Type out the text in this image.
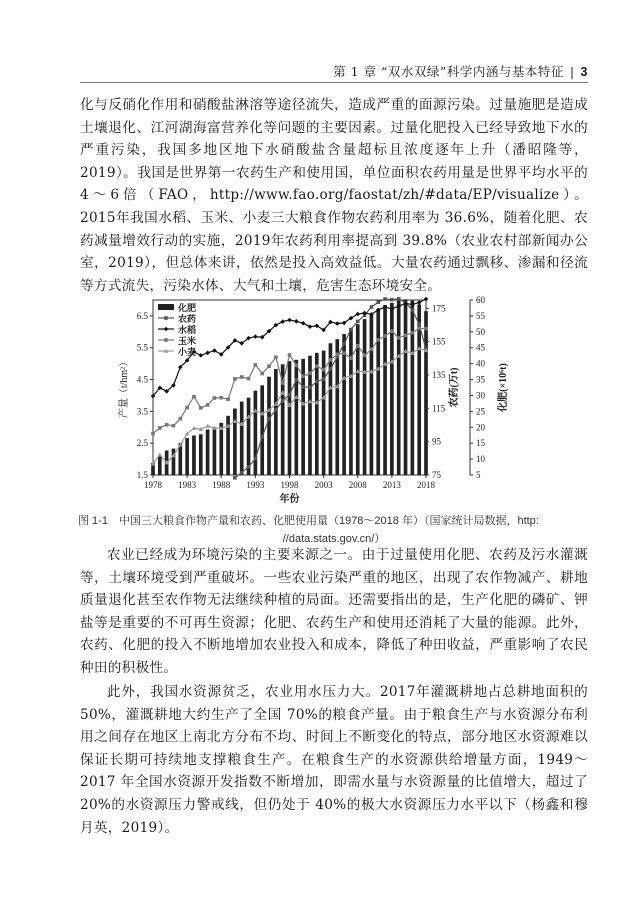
第 1 章 “双水双绿”科学内涵与基本特征 | 3

化与反硝化作用和硝酸盐淋溶等途径流失，造成严重的面源污染。过量施肥是造成土壤退化、江河湖海富营养化等问题的主要因素。过量化肥投入已经导致地下水的严重污染，我国多地区地下水硝酸盐含量超标且浓度逐年上升（潘昭隆等，2019）。我国是世界第一农药生产和使用国，单位面积农药用量是世界平均水平的4～6倍（FAO，http://www.fao.org/faostat/zh/#data/EP/visualize）。2015年我国水稻、玉米、小麦三大粮食作物农药利用率为 36.6%，随着化肥、农药减量增效行动的实施，2019年农药利用率提高到 39.8%（农业农村部新闻办公室，2019），但总体来讲，依然是投入高效益低。大量农药通过飘移、渗漏和径流等方式流失，污染水体、大气和土壤，危害生态环境安全。

1978 1983 1988 1993 1998 2003 2008 2013 2018
年份
1.5
2.5
3.5
4.5
5.5
6.5
产量（t/hm²）
75
95
115
135
155
175
农药(万t)
5
10
15
20
25
30
35
40
45
50
55
60
化肥(×10⁶t)
化肥
农药
水稻
玉米
小麦
图 1-1　中国三大粮食作物产量和农药、化肥使用量（1978～2018 年）（国家统计局数据，http:
//data.stats.gov.cn/）

农业已经成为环境污染的主要来源之一。由于过量使用化肥、农药及污水灌溉等，土壤环境受到严重破坏。一些农业污染严重的地区，出现了农作物减产、耕地质量退化甚至农作物无法继续种植的局面。还需要指出的是，生产化肥的磷矿、钾盐等是重要的不可再生资源；化肥、农药生产和使用还消耗了大量的能源。此外，农药、化肥的投入不断地增加农业投入和成本，降低了种田收益，严重影响了农民种田的积极性。

此外，我国水资源贫乏，农业用水压力大。2017年灌溉耕地占总耕地面积的50%，灌溉耕地大约生产了全国 70%的粮食产量。由于粮食生产与水资源分布利用之间存在地区上南北方分布不均、时间上不断变化的特点，部分地区水资源难以保证长期可持续地支撑粮食生产。在粮食生产的水资源供给增量方面，1949～2017 年全国水资源开发指数不断增加，即需水量与水资源量的比值增大，超过了 20%的水资源压力警戒线，但仍处于 40%的极大水资源压力水平以下（杨鑫和穆月英，2019）。
